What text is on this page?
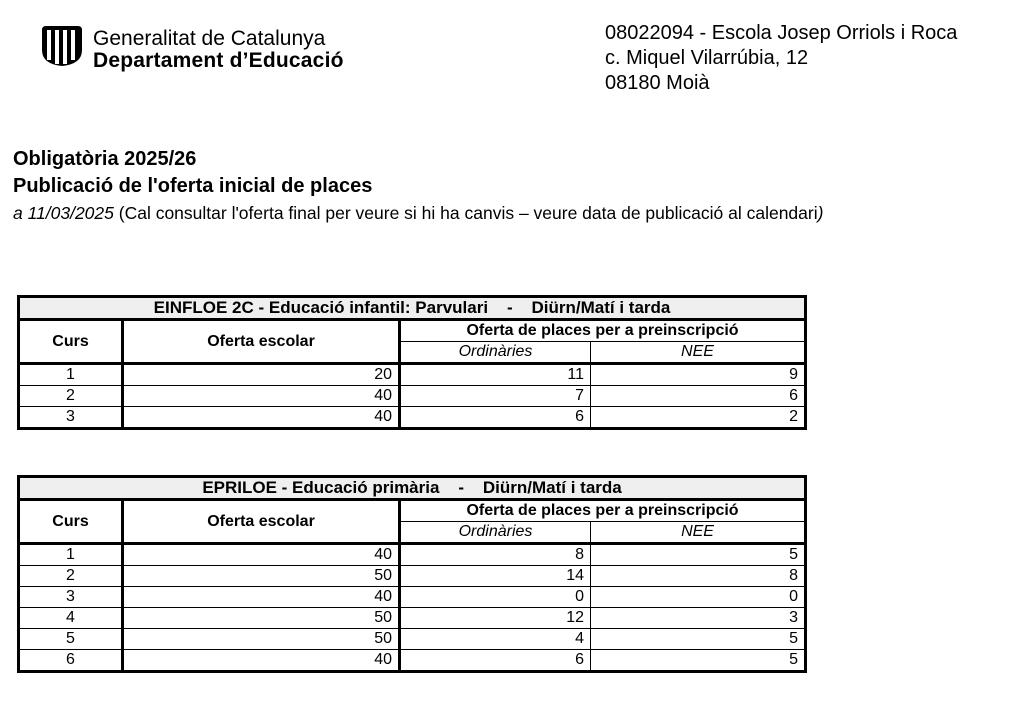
Generalitat de Catalunya
Departament d’Educació
08022094 - Escola Josep Orriols i Roca
c. Miquel Vilarrúbia, 12
08180 Moià
Obligatòria 2025/26
Publicació de l'oferta inicial de places
a 11/03/2025 (Cal consultar l'oferta final per veure si hi ha canvis – veure data de publicació al calendari)
EINFLOE 2C - Educació infantil: Parvulari    -    Diürn/Matí i tarda			
Curs	Oferta escolar	Oferta de places per a preinscripció	
		Ordinàries	NEE
1	20	11	9
2	40	7	6
3	40	6	2
EPRILOE - Educació primària    -    Diürn/Matí i tarda			
Curs	Oferta escolar	Oferta de places per a preinscripció	
		Ordinàries	NEE
1	40	8	5
2	50	14	8
3	40	0	0
4	50	12	3
5	50	4	5
6	40	6	5
